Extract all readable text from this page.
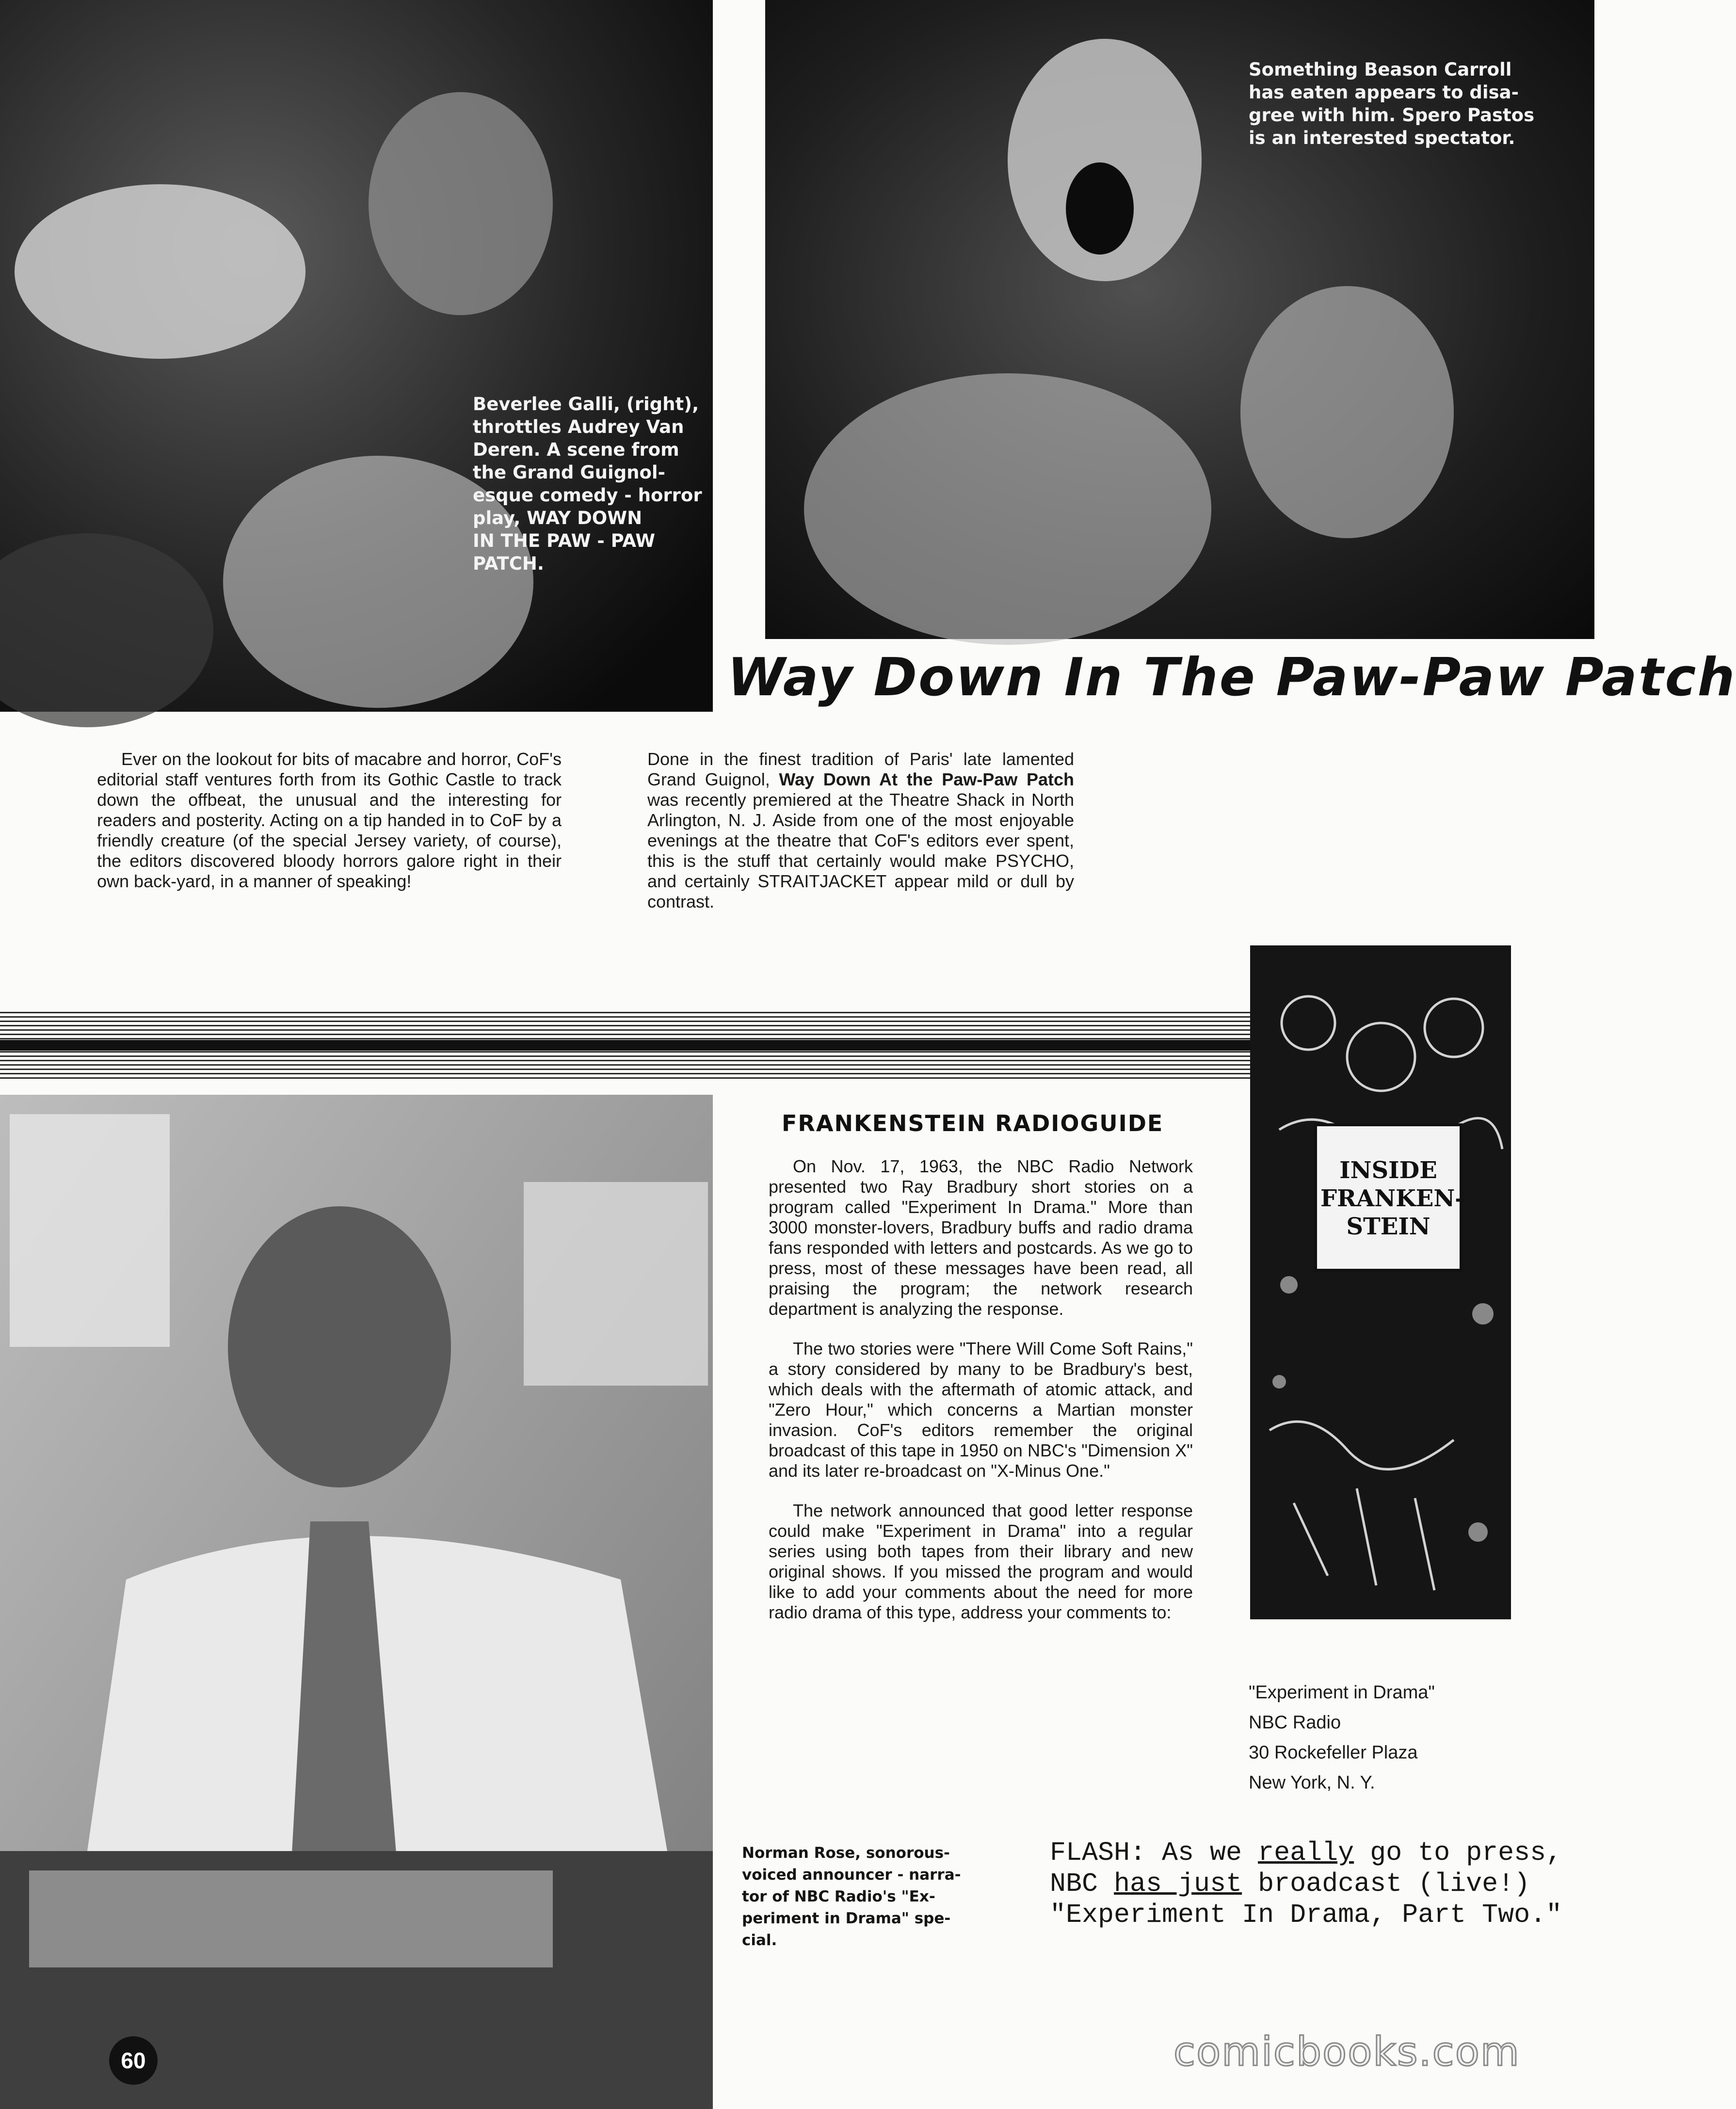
Beverlee Galli, (right),
throttles Audrey Van
Deren. A scene from
the Grand Guignol-
esque comedy - horror
play, WAY DOWN
IN THE PAW - PAW
PATCH.
Something Beason Carroll
has eaten appears to disa-
gree with him. Spero Pastos
is an interested spectator.
Way Down In The Paw-Paw Patch
Ever on the lookout for bits of macabre and horror, CoF's editorial staff ventures forth from its Gothic Castle to track down the offbeat, the unusual and the interesting for readers and posterity. Acting on a tip handed in to CoF by a friendly creature (of the special Jersey variety, of course), the editors discovered bloody horrors galore right in their own back-yard, in a manner of speaking!
Done in the finest tradition of Paris' late lamented Grand Guignol, Way Down At the Paw-Paw Patch was recently premiered at the Theatre Shack in North Arlington, N. J. Aside from one of the most enjoyable evenings at the theatre that CoF's editors ever spent, this is the stuff that certainly would make PSYCHO, and certainly STRAITJACKET appear mild or dull by contrast.
INSIDE FRANKEN- STEIN
FRANKENSTEIN RADIOGUIDE

On Nov. 17, 1963, the NBC Radio Network presented two Ray Bradbury short stories on a program called "Experiment In Drama." More than 3000 monster-lovers, Bradbury buffs and radio drama fans responded with letters and postcards. As we go to press, most of these messages have been read, all praising the program; the network research department is analyzing the response.

The two stories were "There Will Come Soft Rains," a story considered by many to be Bradbury's best, which deals with the aftermath of atomic attack, and "Zero Hour," which concerns a Martian monster invasion. CoF's editors remember the original broadcast of this tape in 1950 on NBC's "Dimension X" and its later re-broadcast on "X-Minus One."

The network announced that good letter response could make "Experiment in Drama" into a regular series using both tapes from their library and new original shows. If you missed the program and would like to add your comments about the need for more radio drama of this type, address your comments to:

"Experiment in Drama"
NBC Radio
30 Rockefeller Plaza
New York, N. Y.
Norman Rose, sonorous-
voiced announcer - narra-
tor of NBC Radio's "Ex-
periment in Drama" spe-
cial.
FLASH: As we really go to press, NBC has just broadcast (live!) "Experiment In Drama, Part Two."
60	comicbooks.com
